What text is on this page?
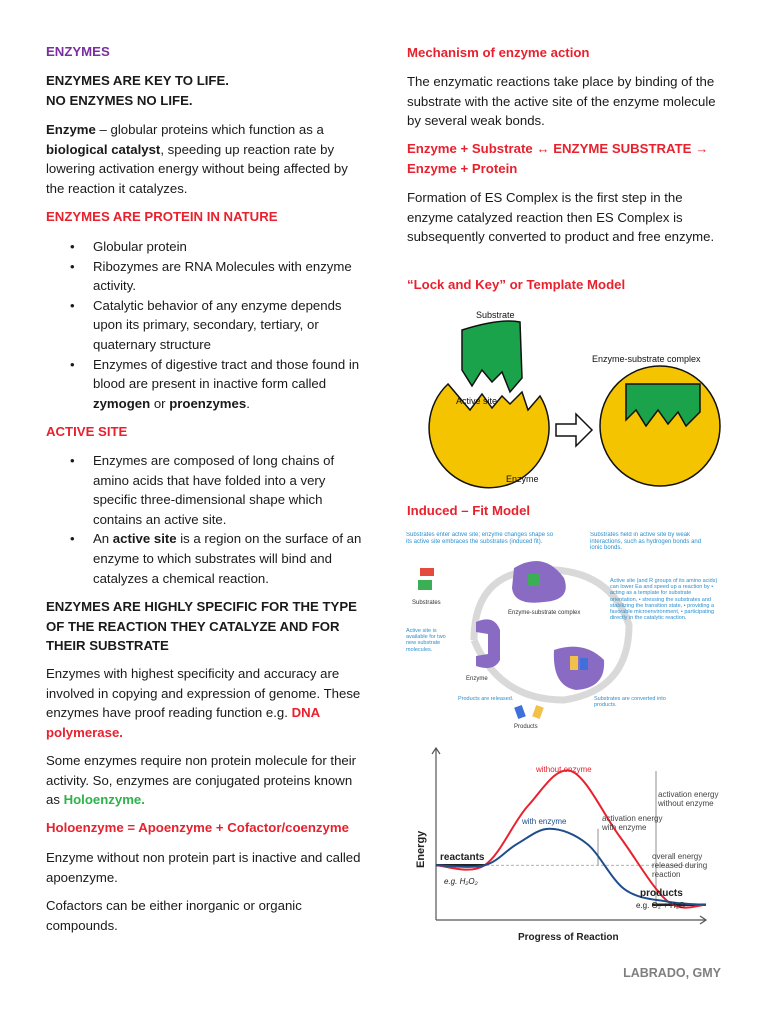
ENZYMES

ENZYMES ARE KEY TO LIFE.

NO ENZYMES NO LIFE.

Enzyme – globular proteins which function as a biological catalyst, speeding up reaction rate by lowering activation energy without being affected by the reaction it catalyzes.

ENZYMES ARE PROTEIN IN NATURE

• Globular protein
• Ribozymes are RNA Molecules with enzyme activity.
• Catalytic behavior of any enzyme depends upon its primary, secondary, tertiary, or quaternary structure
• Enzymes of digestive tract and those found in blood are present in inactive form called zymogen or proenzymes.

ACTIVE SITE

• Enzymes are composed of long chains of amino acids that have folded into a very specific three-dimensional shape which contains an active site.
• An active site is a region on the surface of an enzyme to which substrates will bind and catalyzes a chemical reaction.

ENZYMES ARE HIGHLY SPECIFIC FOR THE TYPE OF THE REACTION THEY CATALYZE AND FOR THEIR SUBSTRATE

Enzymes with highest specificity and accuracy are involved in copying and expression of genome. These enzymes have proof reading function e.g. DNA polymerase.

Some enzymes require non protein molecule for their activity. So, enzymes are conjugated proteins known as Holoenzyme.

Holoenzyme = Apoenzyme + Cofactor/coenzyme

Enzyme without non protein part is inactive and called apoenzyme.

Cofactors can be either inorganic or organic compounds.

Mechanism of enzyme action

The enzymatic reactions take place by binding of the substrate with the active site of the enzyme molecule by several weak bonds.

Enzyme + Substrate ↔ ENZYME SUBSTRATE →

Enzyme + Protein

Formation of ES Complex is the first step in the enzyme catalyzed reaction then ES Complex is subsequently converted to product and free enzyme.

“Lock and Key” or Template Model

Induced – Fit Model

Substrate
Active site
Enzyme
Enzyme-substrate complex
Substrates enter active site; enzyme changes shape so its active site embraces the substrates (induced fit).
Substrates held in active site by weak interactions, such as hydrogen bonds and ionic bonds.
Active site (and R groups of its amino acids) can lower Ea and speed up a reaction by • acting as a template for substrate orientation, • stressing the substrates and stabilizing the transition state, • providing a favorable microenvironment, • participating directly in the catalytic reaction.
Active site is available for two new substrate molecules.
Products are released.	Substrates are converted into products.
Substrates
Enzyme-substrate complex
Enzyme
Products
Energy
Progress of Reaction
without enzyme
with enzyme
reactants
e.g. H₂O₂
products
e.g. O₂ + H₂O
activation energy with enzyme
activation energy without enzyme
overall energy released during reaction
LABRADO, GMY
